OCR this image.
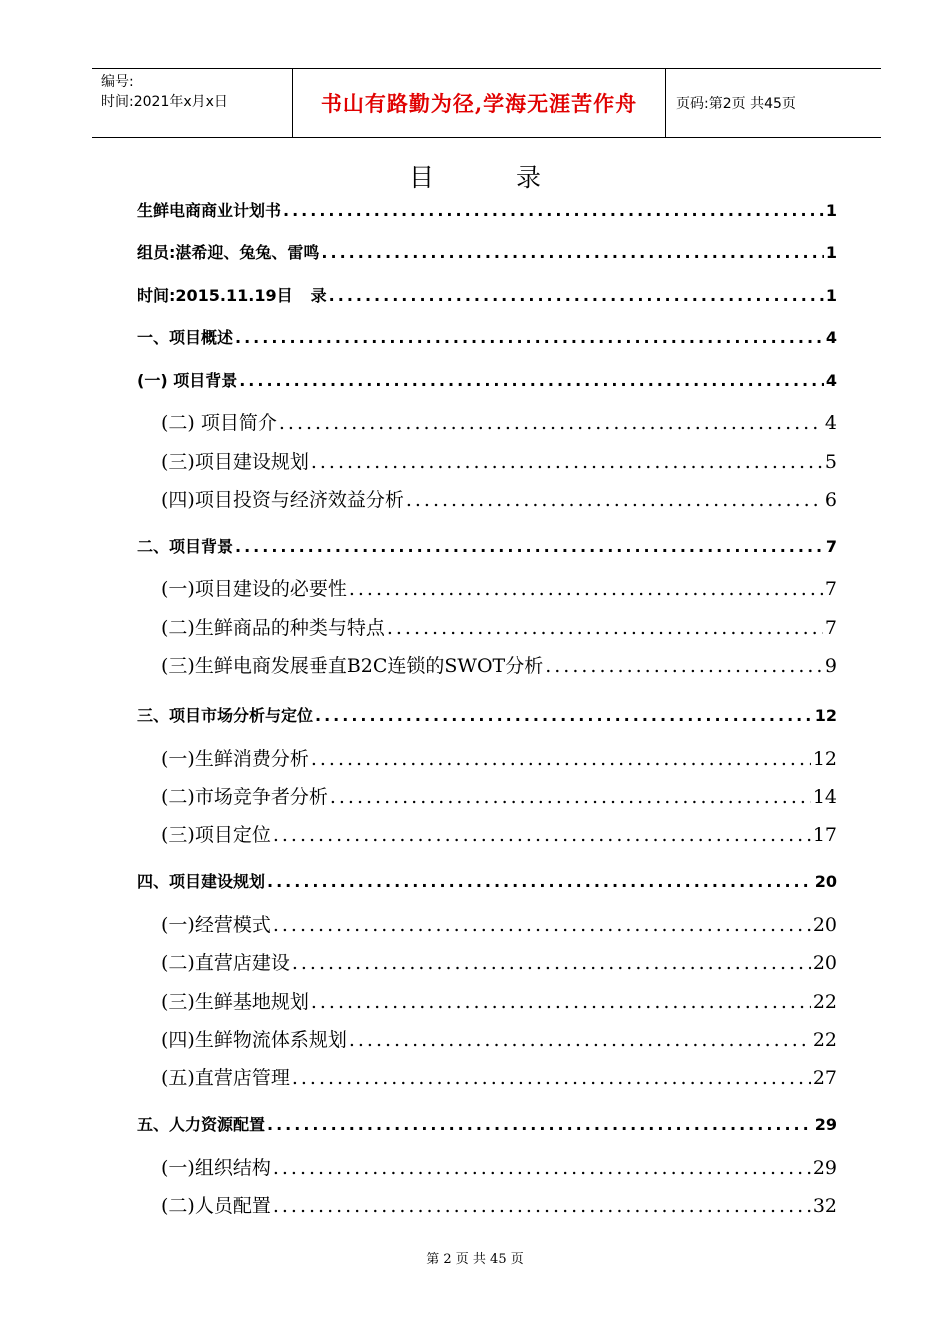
编号:
时间:2021年x月x日	书山有路勤为径,学海无涯苦作舟	页码:第2页 共45页
目	录
生鲜电商商业计划书 .....	1
组员:湛希迎、兔兔、雷鸣 .....	1
时间:2015.11.19目 录 .....	1
一、项目概述 .....	4
(一) 项目背景 .....	4
(二) 项目简介 .....	4
(三)项目建设规划 .....	5
(四)项目投资与经济效益分析 .....	6
二、项目背景 .....	7
(一)项目建设的必要性 .....	7
(二)生鲜商品的种类与特点 .....	7
(三)生鲜电商发展垂直B2C连锁的SWOT分析 .....	9
三、项目市场分析与定位 .....	12
(一)生鲜消费分析 .....	12
(二)市场竞争者分析 .....	14
(三)项目定位 .....	17
四、项目建设规划 .....	20
(一)经营模式 .....	20
(二)直营店建设 .....	20
(三)生鲜基地规划 .....	22
(四)生鲜物流体系规划 .....	22
(五)直营店管理 .....	27
五、人力资源配置 .....	29
(一)组织结构 .....	29
(二)人员配置 .....	32
第 2 页 共 45 页
